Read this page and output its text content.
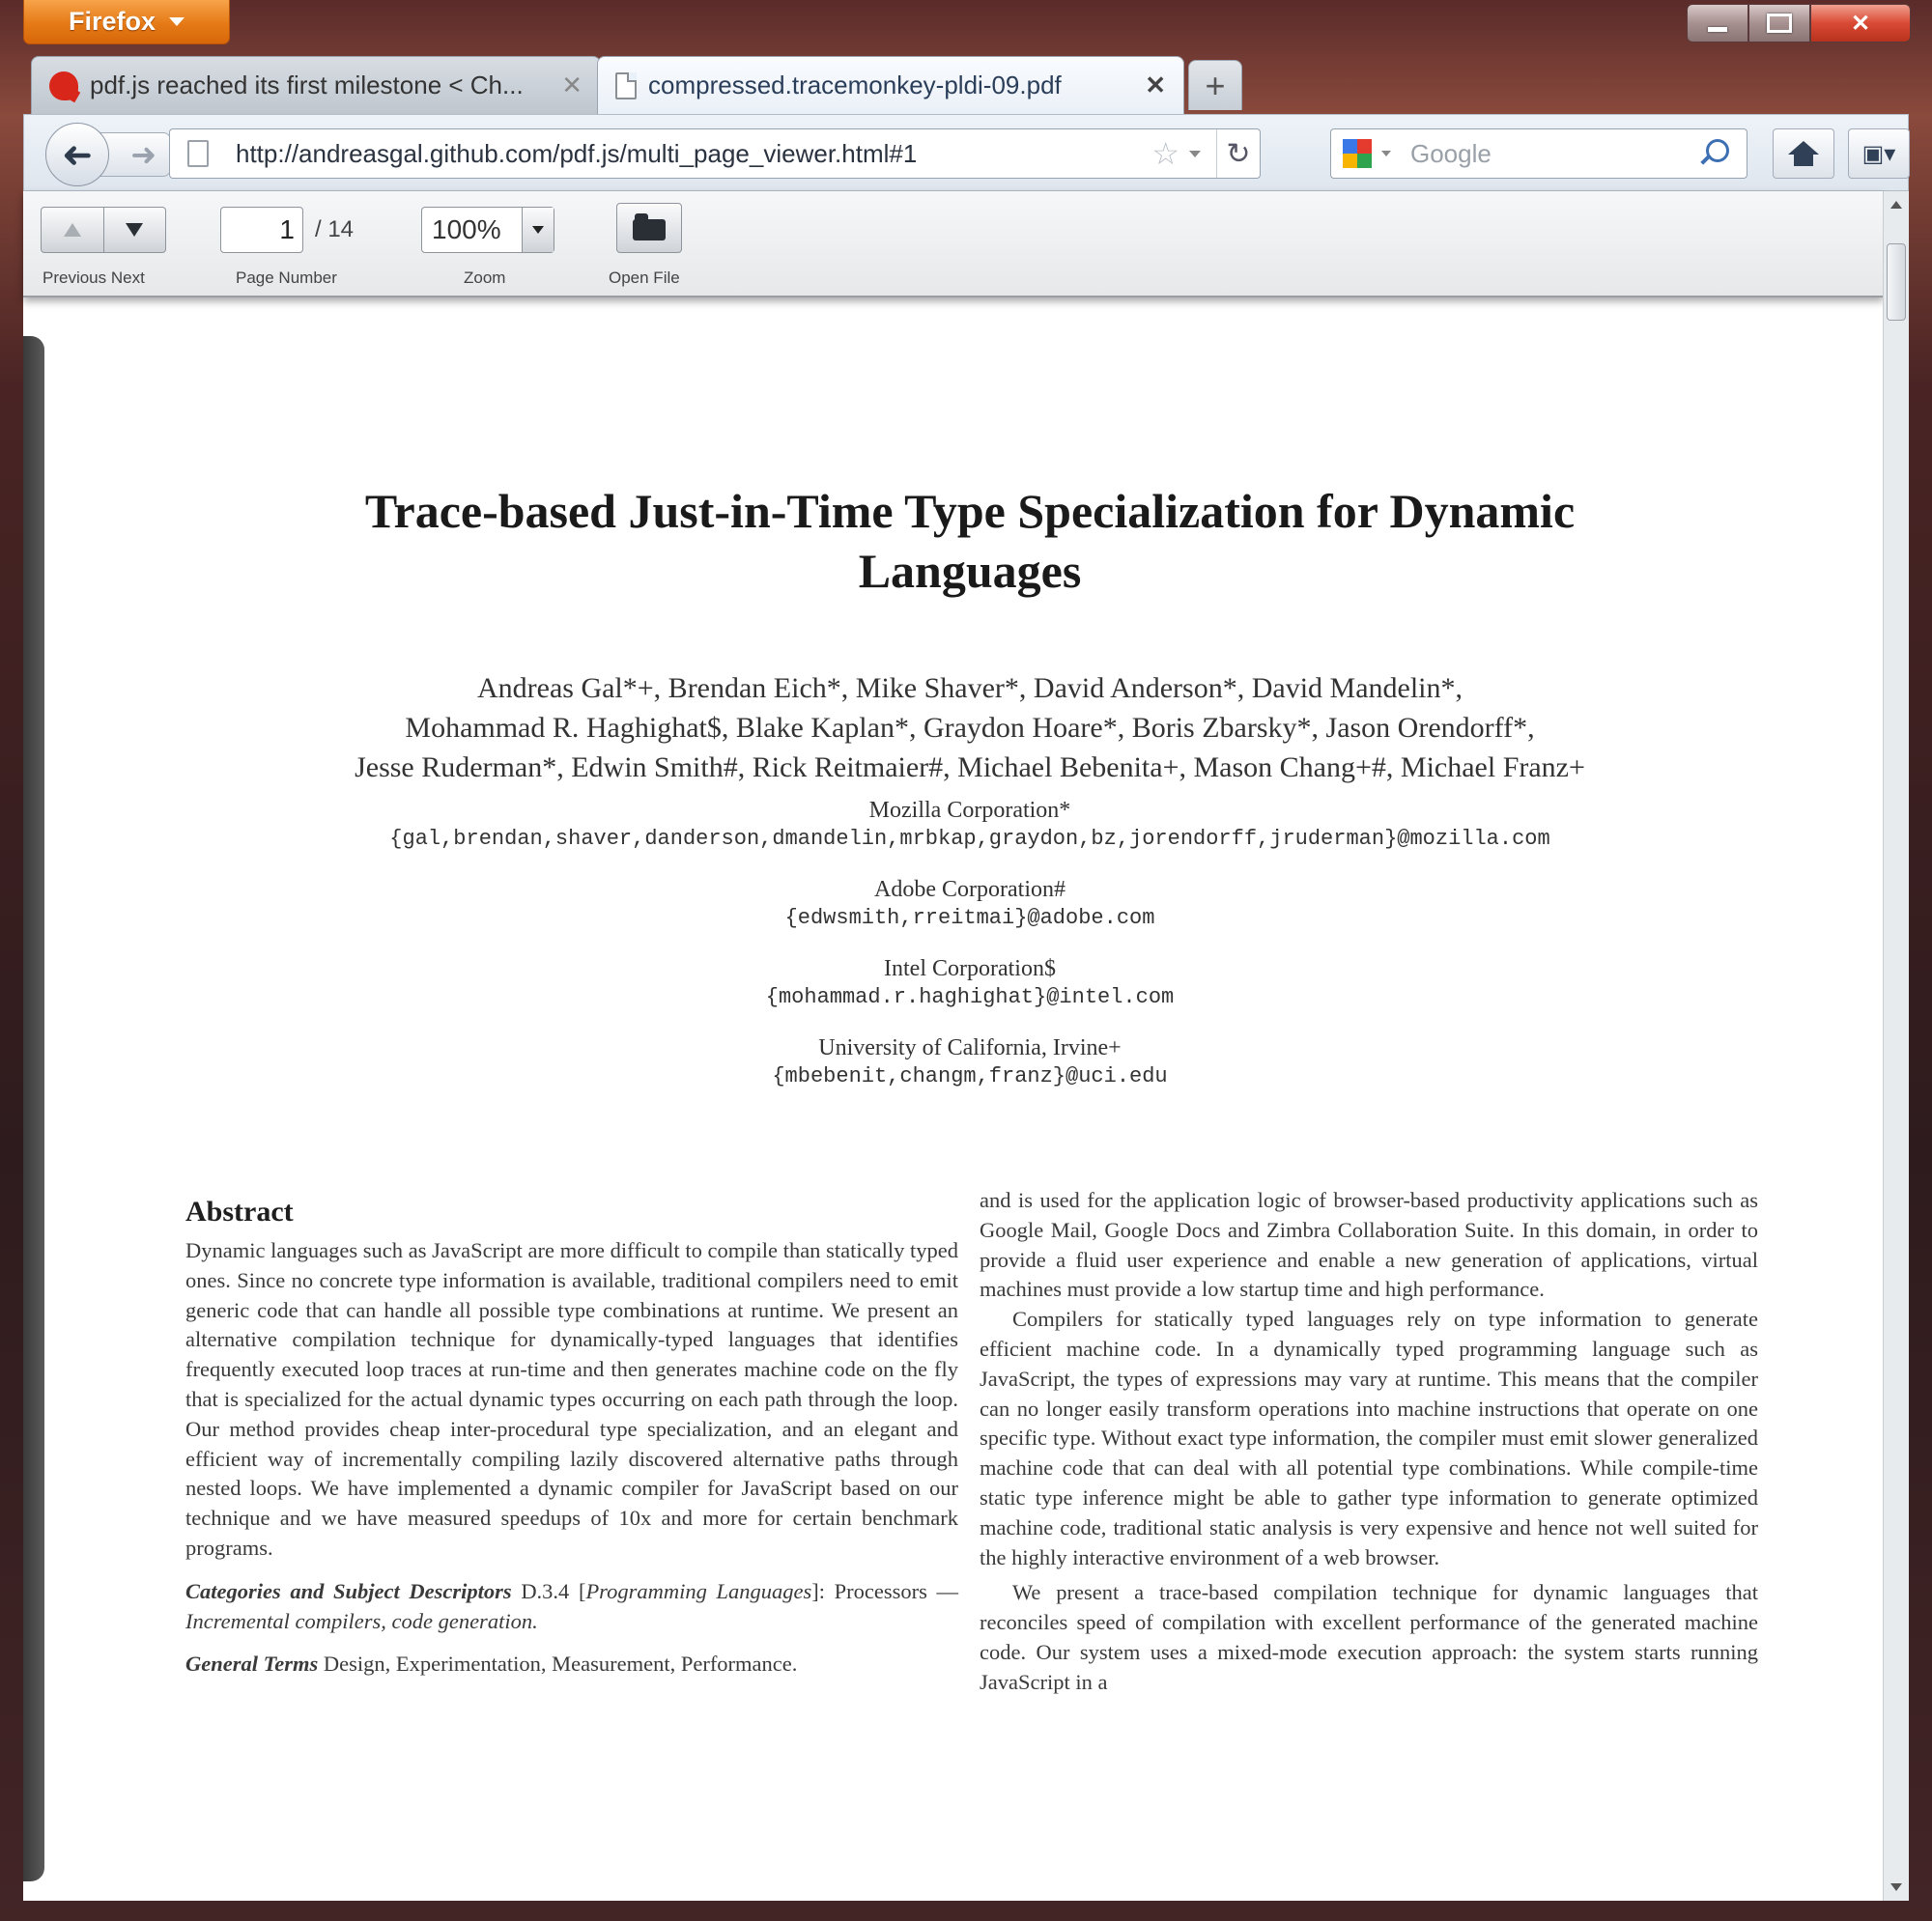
Firefox	✕
pdf.js reached its first milestone < Ch...	✕	compressed.tracemonkey-pldi-09.pdf	✕ +
➜
➜	http://andreasgal.github.com/pdf.js/multi_page_viewer.html#1	☆	↻	Google	▣▾
Previous Next
1
/ 14
Page Number
100%
Zoom	Open File
Trace-based Just-in-Time Type Specialization for Dynamic
Languages
Andreas Gal*+, Brendan Eich*, Mike Shaver*, David Anderson*, David Mandelin*,
Mohammad R. Haghighat$, Blake Kaplan*, Graydon Hoare*, Boris Zbarsky*, Jason Orendorff*,
Jesse Ruderman*, Edwin Smith#, Rick Reitmaier#, Michael Bebenita+, Mason Chang+#, Michael Franz+
Mozilla Corporation*
{gal,brendan,shaver,danderson,dmandelin,mrbkap,graydon,bz,jorendorff,jruderman}@mozilla.com
Adobe Corporation#
{edwsmith,rreitmai}@adobe.com
Intel Corporation$
{mohammad.r.haghighat}@intel.com
University of California, Irvine+
{mbebenit,changm,franz}@uci.edu
Abstract

Dynamic languages such as JavaScript are more difficult to compile than statically typed ones. Since no concrete type information is available, traditional compilers need to emit generic code that can handle all possible type combinations at runtime. We present an alternative compilation technique for dynamically-typed languages that identifies frequently executed loop traces at run-time and then generates machine code on the fly that is specialized for the actual dynamic types occurring on each path through the loop. Our method provides cheap inter-procedural type specialization, and an elegant and efficient way of incrementally compiling lazily discovered alternative paths through nested loops. We have implemented a dynamic compiler for JavaScript based on our technique and we have measured speedups of 10x and more for certain benchmark programs.

Categories and Subject Descriptors D.3.4 [Programming Languages]: Processors — Incremental compilers, code generation.

General Terms Design, Experimentation, Measurement, Performance.

and is used for the application logic of browser-based productivity applications such as Google Mail, Google Docs and Zimbra Collaboration Suite. In this domain, in order to provide a fluid user experience and enable a new generation of applications, virtual machines must provide a low startup time and high performance.

Compilers for statically typed languages rely on type information to generate efficient machine code. In a dynamically typed programming language such as JavaScript, the types of expressions may vary at runtime. This means that the compiler can no longer easily transform operations into machine instructions that operate on one specific type. Without exact type information, the compiler must emit slower generalized machine code that can deal with all potential type combinations. While compile-time static type inference might be able to gather type information to generate optimized machine code, traditional static analysis is very expensive and hence not well suited for the highly interactive environment of a web browser.

We present a trace-based compilation technique for dynamic languages that reconciles speed of compilation with excellent performance of the generated machine code. Our system uses a mixed-mode execution approach: the system starts running JavaScript in a
